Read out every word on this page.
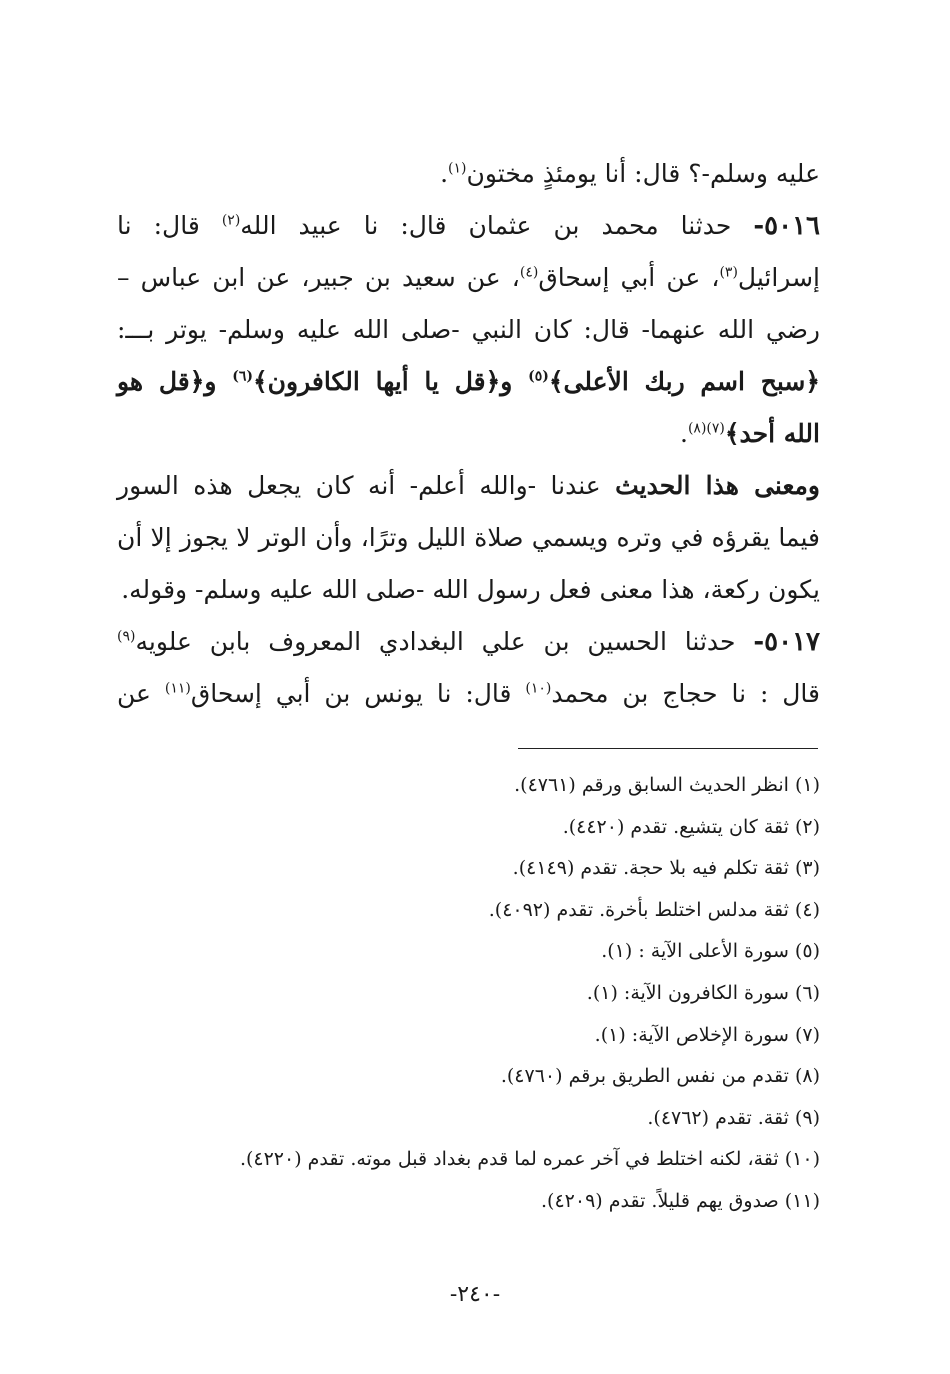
عليه وسلم-؟ قال: أنا يومئذٍ مختون$^{(١)}$.
٥٠١٦- حدثنا محمد بن عثمان قال: نا عبيد الله$^{(٢)}$ قال: نا
إسرائيل$^{(٣)}$، عن أبي إسحاق$^{(٤)}$، عن سعيد بن جبير، عن ابن عباس –
رضي الله عنهما- قال: كان النبي -صلى الله عليه وسلم- يوتر بـــ:
﴿سبح اسم ربك الأعلى﴾$^{(٥)}$ و﴿قل يا أيها الكافرون﴾$^{(٦)}$ و﴿قل هو
الله أحد﴾$^{(٧)(٨)}$.
ومعنى هذا الحديث عندنا -والله أعلم- أنه كان يجعل هذه السور
فيما يقرؤه في وتره ويسمي صلاة الليل وترًا، وأن الوتر لا يجوز إلا أن
يكون ركعة، هذا معنى فعل رسول الله -صلى الله عليه وسلم- وقوله.
٥٠١٧- حدثنا الحسين بن علي البغدادي المعروف بابن علويه$^{(٩)}$
قال : نا حجاج بن محمد$^{(١٠)}$ قال: نا يونس بن أبي إسحاق$^{(١١)}$ عن
(١) انظر الحديث السابق ورقم (٤٧٦١).
(٢) ثقة كان يتشيع. تقدم (٤٤٢٠).
(٣) ثقة تكلم فيه بلا حجة. تقدم (٤١٤٩).
(٤) ثقة مدلس اختلط بأخرة. تقدم (٤٠٩٢).
(٥) سورة الأعلى الآية : (١).
(٦) سورة الكافرون الآية: (١).
(٧) سورة الإخلاص الآية: (١).
(٨) تقدم من نفس الطريق برقم (٤٧٦٠).
(٩) ثقة. تقدم (٤٧٦٢).
(١٠) ثقة، لكنه اختلط في آخر عمره لما قدم بغداد قبل موته. تقدم (٤٢٢٠).
(١١) صدوق يهم قليلاً. تقدم (٤٢٠٩).
-٢٤٠-
